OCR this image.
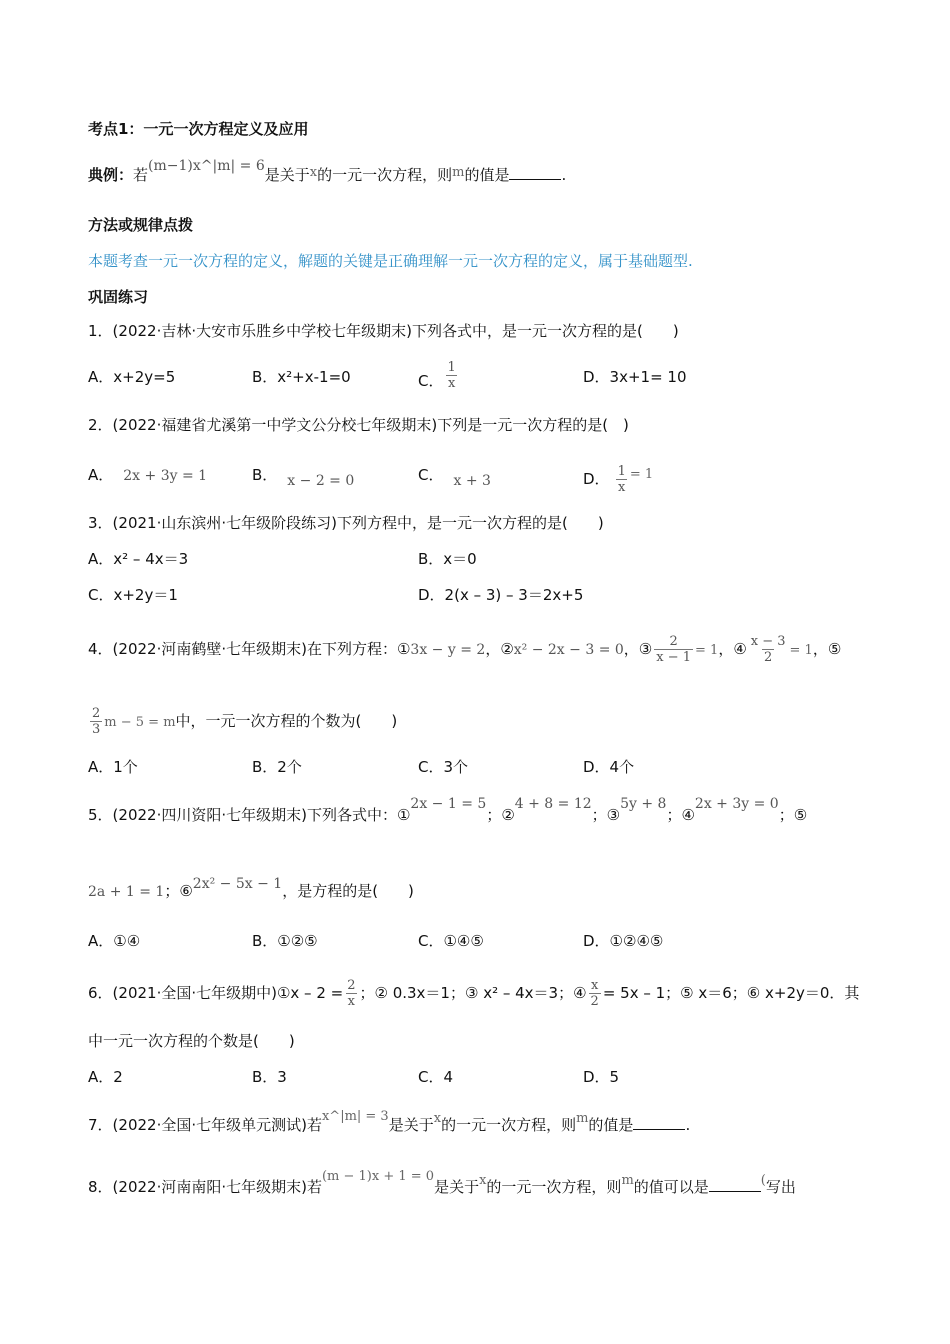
考点1：一元一次方程定义及应用
典例：若(m−1)x^|m| = 6是关于x的一元一次方程，则m的值是	.
方法或规律点拨
本题考查一元一次方程的定义，解题的关键是正确理解一元一次方程的定义，属于基础题型.
巩固练习
1．(2022·吉林·大安市乐胜乡中学校七年级期末)下列各式中，是一元一次方程的是(　　)
A．x+2y=5	B．x²+x-1=0	C． $\frac{1}{x}$	D．3x+1= 10
2．(2022·福建省尤溪第一中学文公分校七年级期末)下列是一元一次方程的是(　)
A． 2x + 3y = 1	B． x − 2 = 0	C． x + 3	D． $\frac{1}{x} = 1$
3．(2021·山东滨州·七年级阶段练习)下列方程中，是一元一次方程的是(　　)
A．x² – 4x＝3	B．x＝0
C．x+2y＝1	D．2(x – 3) – 3＝2x+5
4．(2022·河南鹤壁·七年级期末)在下列方程：①3x − y = 2，②x² − 2x − 3 = 0，③ $\frac{2}{x - 1} = 1$，④ $\frac{x - 3}{2} = 1$，⑤
$\frac{2}{3}$ m − 5 = m中，一元一次方程的个数为(　　)
A．1个	B．2个	C．3个	D．4个
5．(2022·四川资阳·七年级期末)下列各式中：①2x − 1 = 5；②4 + 8 = 12；③5y + 8；④2x + 3y = 0；⑤
2a + 1 = 1；⑥2x² − 5x − 1，是方程的是(　　)
A．①④	B．①②⑤	C．①④⑤	D．①②④⑤
6．(2021·全国·七年级期中)①x – $2 = \frac{2}{x}$ ；② 0.3x＝1；③ x² – 4x＝3；④ $\frac{x}{2} = 5x - 1$；⑤ x＝6；⑥ x+2y＝0．其
中一元一次方程的个数是(　　)
A．2	B．3	C．4	D．5
7．(2022·全国·七年级单元测试)若x^|m| = 3是关于x的一元一次方程，则m的值是	.
8．(2022·河南南阳·七年级期末)若(m − 1)x + 1 = 0是关于x的一元一次方程，则m的值可以是	(写出
